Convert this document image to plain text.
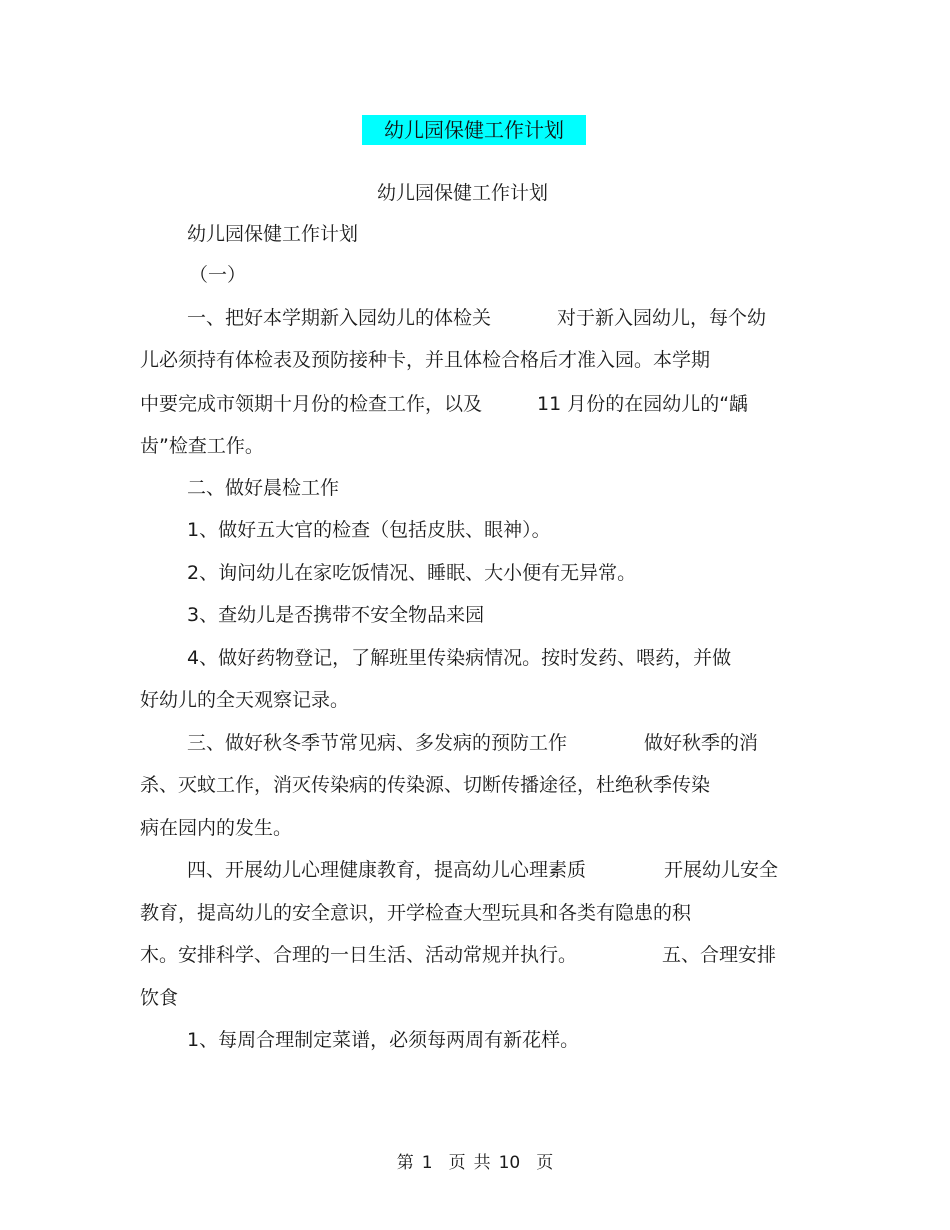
幼儿园保健工作计划
幼儿园保健工作计划
幼儿园保健工作计划
（一）
一、把好本学期新入园幼儿的体检关	对于新入园幼儿，每个幼
儿必须持有体检表及预防接种卡，并且体检合格后才准入园。本学期
中要完成市领期十月份的检查工作，以及	11 月份的在园幼儿的“龋
齿”检查工作。
二、做好晨检工作
1、做好五大官的检查（包括皮肤、眼神）。
2、询问幼儿在家吃饭情况、睡眠、大小便有无异常。
3、查幼儿是否携带不安全物品来园
4、做好药物登记，了解班里传染病情况。按时发药、喂药，并做
好幼儿的全天观察记录。
三、做好秋冬季节常见病、多发病的预防工作	做好秋季的消
杀、灭蚊工作，消灭传染病的传染源、切断传播途径，杜绝秋季传染
病在园内的发生。
四、开展幼儿心理健康教育，提高幼儿心理素质	开展幼儿安全
教育，提高幼儿的安全意识，开学检查大型玩具和各类有隐患的积
木。安排科学、合理的一日生活、活动常规并执行。	五、合理安排
饮食
1、每周合理制定菜谱，必须每两周有新花样。
第 1 页 共 10 页
